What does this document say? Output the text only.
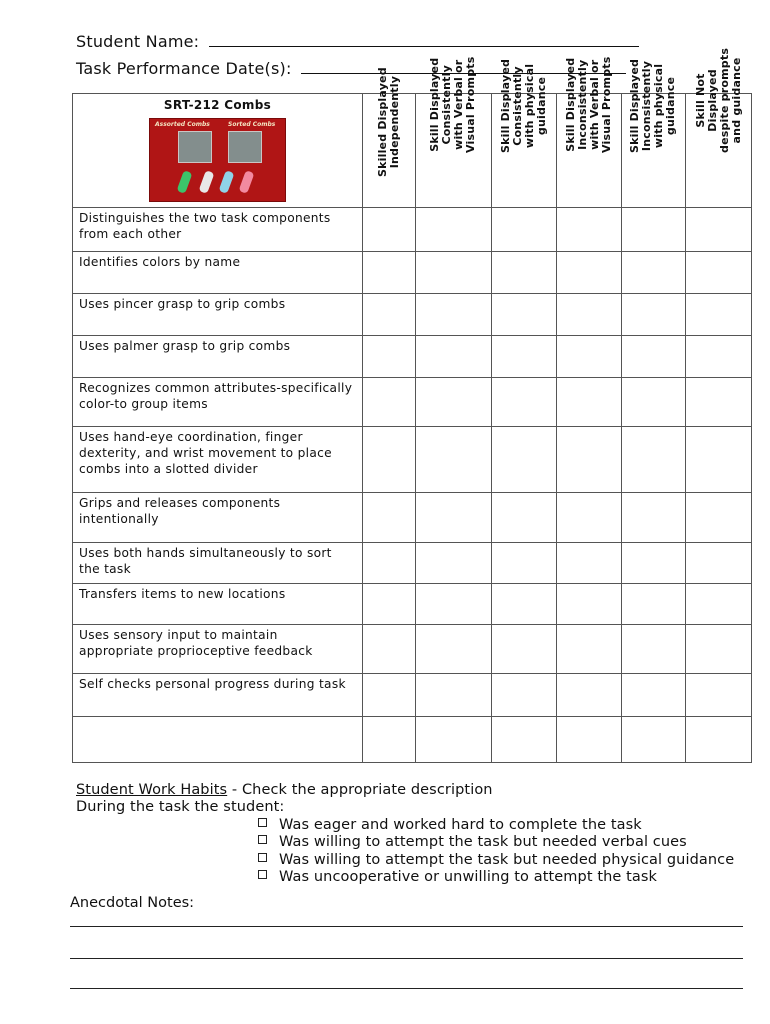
Student Name:
Task Performance Date(s):
SRT-212 Combs
Assorted Combs Sorted Combs	Skilled Displayed Independently	Skill Displayed Consistently with Verbal or Visual Prompts	Skill Displayed Consistently with physical guidance	Skill Displayed Inconsistently with Verbal or Visual Prompts	Skill Displayed Inconsistently with physical guidance	Skill Not Displayed despite prompts and guidance

Distinguishes the two task components from each other						

Identifies colors by name						

Uses pincer grasp to grip combs						

Uses palmer grasp to grip combs						

Recognizes common attributes-specifically color-to group items						

Uses hand-eye coordination, finger dexterity, and wrist movement to place combs into a slotted divider						

Grips and releases components intentionally						

Uses both hands simultaneously to sort the task						

Transfers items to new locations						

Uses sensory input to maintain appropriate proprioceptive feedback						

Self checks personal progress during task						

Student Work Habits - Check the appropriate description
During the task the student:
Was eager and worked hard to complete the task
Was willing to attempt the task but needed verbal cues
Was willing to attempt the task but needed physical guidance
Was uncooperative or unwilling to attempt the task
Anecdotal Notes:
